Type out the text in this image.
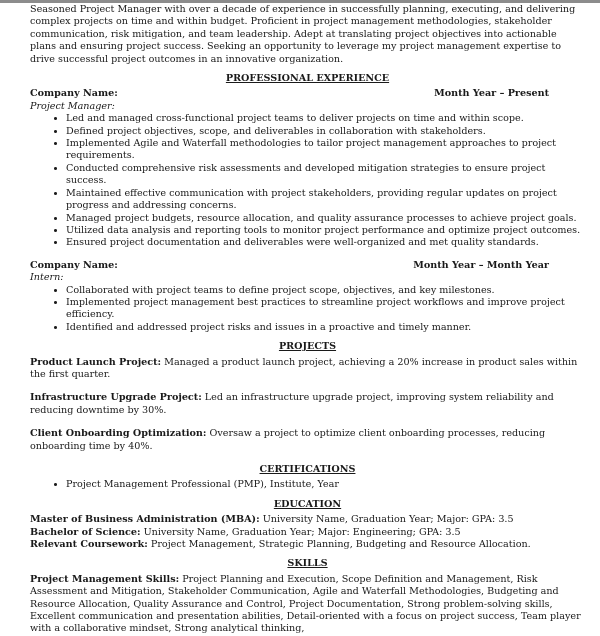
Seasoned Project Manager with over a decade of experience in successfully planning, executing, and delivering complex projects on time and within budget. Proficient in project management methodologies, stakeholder communication, risk mitigation, and team leadership. Adept at translating project objectives into actionable plans and ensuring project success. Seeking an opportunity to leverage my project management expertise to drive successful project outcomes in an innovative organization.

PROFESSIONAL EXPERIENCE
Company Name:	Month Year – Present
Project Manager:
• Led and managed cross-functional project teams to deliver projects on time and within scope.
• Defined project objectives, scope, and deliverables in collaboration with stakeholders.
• Implemented Agile and Waterfall methodologies to tailor project management approaches to project requirements.
• Conducted comprehensive risk assessments and developed mitigation strategies to ensure project success.
• Maintained effective communication with project stakeholders, providing regular updates on project progress and addressing concerns.
• Managed project budgets, resource allocation, and quality assurance processes to achieve project goals.
• Utilized data analysis and reporting tools to monitor project performance and optimize project outcomes.
• Ensured project documentation and deliverables were well-organized and met quality standards.
Company Name:	Month Year – Month Year
Intern:
• Collaborated with project teams to define project scope, objectives, and key milestones.
• Implemented project management best practices to streamline project workflows and improve project efficiency.
• Identified and addressed project risks and issues in a proactive and timely manner.
PROJECTS

Product Launch Project: Managed a product launch project, achieving a 20% increase in product sales within the first quarter.

Infrastructure Upgrade Project: Led an infrastructure upgrade project, improving system reliability and reducing downtime by 30%.

Client Onboarding Optimization: Oversaw a project to optimize client onboarding processes, reducing onboarding time by 40%.

CERTIFICATIONS
• Project Management Professional (PMP), Institute, Year
EDUCATION

Master of Business Administration (MBA): University Name, Graduation Year; Major: GPA: 3.5

Bachelor of Science: University Name, Graduation Year; Major: Engineering; GPA: 3.5

Relevant Coursework: Project Management, Strategic Planning, Budgeting and Resource Allocation.

SKILLS

Project Management Skills: Project Planning and Execution, Scope Definition and Management, Risk Assessment and Mitigation, Stakeholder Communication, Agile and Waterfall Methodologies, Budgeting and Resource Allocation, Quality Assurance and Control, Project Documentation, Strong problem-solving skills, Excellent communication and presentation abilities, Detail-oriented with a focus on project success, Team player with a collaborative mindset, Strong analytical thinking,
